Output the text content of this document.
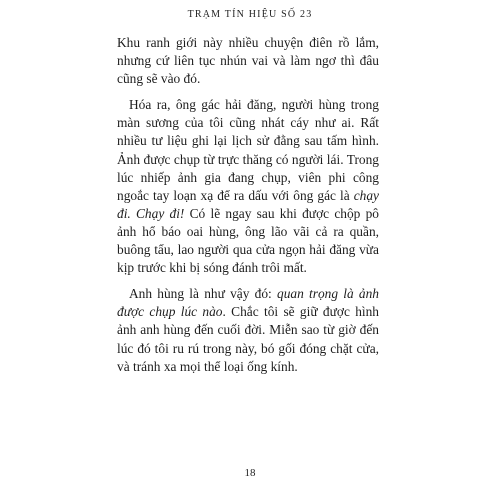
TRẠM TÍN HIỆU SỐ 23

Khu ranh giới này nhiều chuyện điên rồ lắm, nhưng cứ liên tục nhún vai và làm ngơ thì đâu cũng sẽ vào đó.

Hóa ra, ông gác hải đăng, người hùng trong màn sương của tôi cũng nhát cáy như ai. Rất nhiều tư liệu ghi lại lịch sử đằng sau tấm hình. Ảnh được chụp từ trực thăng có người lái. Trong lúc nhiếp ảnh gia đang chụp, viên phi công ngoắc tay loạn xạ để ra dấu với ông gác là chạy đi. Chạy đi! Có lẽ ngay sau khi được chộp pô ảnh hổ báo oai hùng, ông lão vãi cả ra quần, buông tẩu, lao người qua cửa ngọn hải đăng vừa kịp trước khi bị sóng đánh trôi mất.

Anh hùng là như vậy đó: quan trọng là ảnh được chụp lúc nào. Chắc tôi sẽ giữ được hình ảnh anh hùng đến cuối đời. Miễn sao từ giờ đến lúc đó tôi ru rú trong này, bó gối đóng chặt cửa, và tránh xa mọi thể loại ống kính.

18
